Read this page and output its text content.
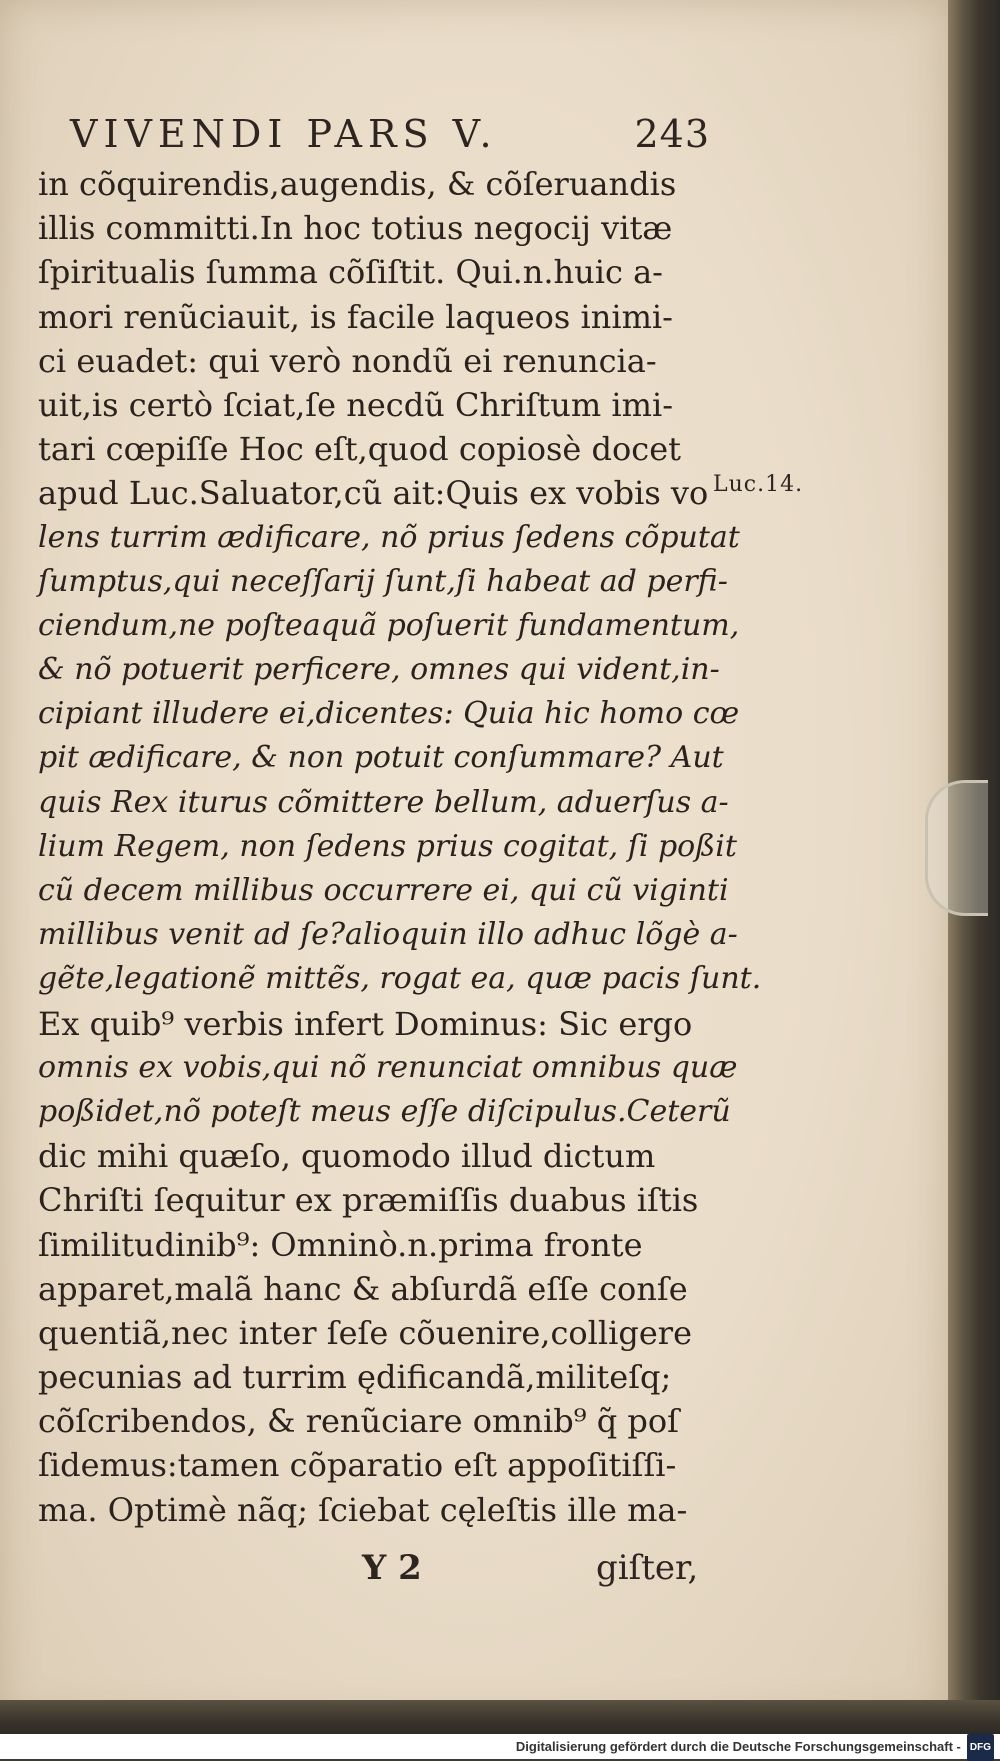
VIVENDI PARS V.	243
in cõquirendis,augendis, & cõſeruandis
illis committi.In hoc totius negocij vitæ
ſpiritualis ſumma cõſiſtit. Qui.n.huic a-
mori renũciauit, is facile laqueos inimi-
ci euadet: qui verò nondũ ei renuncia-
uit,is certò ſciat,ſe necdũ Chriſtum imi-
tari cœpiſſe Hoc eſt,quod copiosè docet
apud Luc.Saluator,cũ ait:Quis ex vobis vo
lens turrim ædificare, nõ prius ſedens cõputat
ſumptus,qui neceſſarij ſunt,ſi habeat ad perfi-
ciendum,ne poſteaquã poſuerit fundamentum,
& nõ potuerit perficere, omnes qui vident,in-
cipiant illudere ei,dicentes: Quia hic homo cœ
pit ædificare, & non potuit conſummare? Aut
quis Rex iturus cõmittere bellum, aduerſus a-
lium Regem, non ſedens prius cogitat, ſi poßit
cũ decem millibus occurrere ei, qui cũ viginti
millibus venit ad ſe?alioquin illo adhuc lõgè a-
gẽte,legationẽ mittẽs, rogat ea, quæ pacis ſunt.
Ex quib⁹ verbis infert Dominus: Sic ergo
omnis ex vobis,qui nõ renunciat omnibus quæ
poßidet,nõ poteſt meus eſſe diſcipulus.Ceterũ
dic mihi quæſo, quomodo illud dictum
Chriſti ſequitur ex præmiſſis duabus iſtis
ſimilitudinib⁹: Omninò.n.prima fronte
apparet,malã hanc & abſurdã eſſe conſe
quentiã,nec inter ſeſe cõuenire,colligere
pecunias ad turrim ędificandã,militeſq;
cõſcribendos, & renũciare omnib⁹ q̃ poſ
ſidemus:tamen cõparatio eſt appoſitiſſi-
ma. Optimè nãq; ſciebat cęleſtis ille ma-
Luc.14.
Y 2	giſter,
Digitalisierung gefördert durch die Deutsche Forschungsgemeinschaft - DFG
